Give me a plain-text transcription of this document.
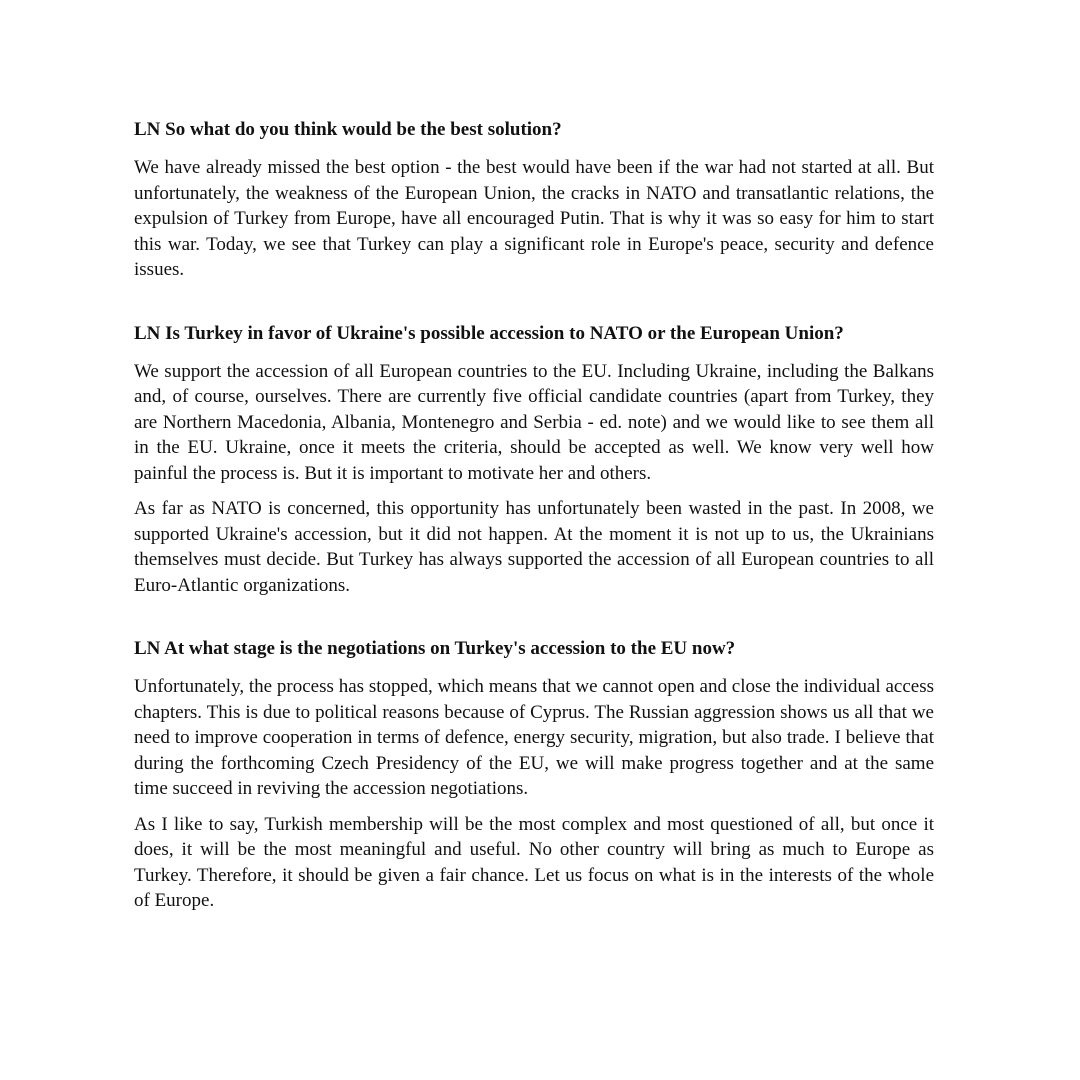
LN So what do you think would be the best solution?

We have already missed the best option - the best would have been if the war had not started at all. But unfortunately, the weakness of the European Union, the cracks in NATO and transatlantic relations, the expulsion of Turkey from Europe, have all encouraged Putin. That is why it was so easy for him to start this war. Today, we see that Turkey can play a significant role in Europe's peace, security and defence issues.

LN Is Turkey in favor of Ukraine's possible accession to NATO or the European Union?

We support the accession of all European countries to the EU. Including Ukraine, including the Balkans and, of course, ourselves. There are currently five official candidate countries (apart from Turkey, they are Northern Macedonia, Albania, Montenegro and Serbia - ed. note) and we would like to see them all in the EU. Ukraine, once it meets the criteria, should be accepted as well. We know very well how painful the process is. But it is important to motivate her and others.

As far as NATO is concerned, this opportunity has unfortunately been wasted in the past. In 2008, we supported Ukraine's accession, but it did not happen. At the moment it is not up to us, the Ukrainians themselves must decide. But Turkey has always supported the accession of all European countries to all Euro-Atlantic organizations.

LN At what stage is the negotiations on Turkey's accession to the EU now?

Unfortunately, the process has stopped, which means that we cannot open and close the individual access chapters. This is due to political reasons because of Cyprus. The Russian aggression shows us all that we need to improve cooperation in terms of defence, energy security, migration, but also trade. I believe that during the forthcoming Czech Presidency of the EU, we will make progress together and at the same time succeed in reviving the accession negotiations.

As I like to say, Turkish membership will be the most complex and most questioned of all, but once it does, it will be the most meaningful and useful. No other country will bring as much to Europe as Turkey. Therefore, it should be given a fair chance. Let us focus on what is in the interests of the whole of Europe.
